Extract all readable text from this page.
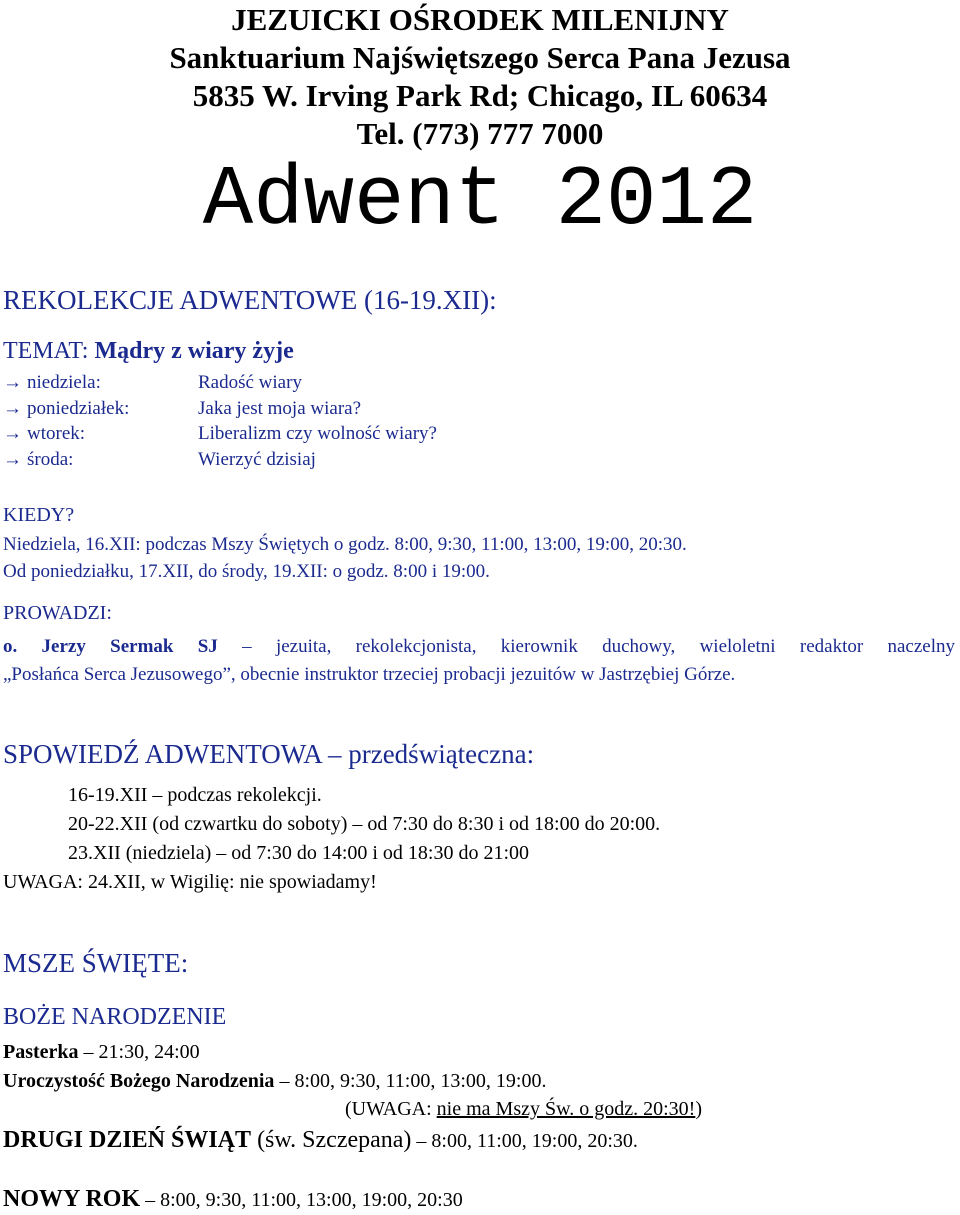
JEZUICKI OŚRODEK MILENIJNY
Sanktuarium Najświętszego Serca Pana Jezusa
5835 W. Irving Park Rd; Chicago, IL 60634
Tel. (773) 777 7000
Adwent 2012
REKOLEKCJE ADWENTOWE (16-19.XII):
TEMAT: Mądry z wiary żyje
→ niedziela:	Radość wiary
→ poniedziałek:	Jaka jest moja wiara?
→ wtorek:	Liberalizm czy wolność wiary?
→ środa:	Wierzyć dzisiaj
KIEDY?
Niedziela, 16.XII: podczas Mszy Świętych o godz. 8:00, 9:30, 11:00, 13:00, 19:00, 20:30.
Od poniedziałku, 17.XII, do środy, 19.XII: o godz. 8:00 i 19:00.
PROWADZI:
o. Jerzy Sermak SJ – jezuita, rekolekcjonista, kierownik duchowy, wieloletni redaktor naczelny
„Posłańca Serca Jezusowego”, obecnie instruktor trzeciej probacji jezuitów w Jastrzębiej Górze.
SPOWIEDŹ ADWENTOWA – przedświąteczna:
16-19.XII – podczas rekolekcji.
20-22.XII (od czwartku do soboty) – od 7:30 do 8:30 i od 18:00 do 20:00.
23.XII (niedziela) – od 7:30 do 14:00 i od 18:30 do 21:00
UWAGA: 24.XII, w Wigilię: nie spowiadamy!
MSZE ŚWIĘTE:
BOŻE NARODZENIE
Pasterka – 21:30, 24:00
Uroczystość Bożego Narodzenia – 8:00, 9:30, 11:00, 13:00, 19:00.
(UWAGA: nie ma Mszy Św. o godz. 20:30!)
DRUGI DZIEŃ ŚWIĄT (św. Szczepana) – 8:00, 11:00, 19:00, 20:30.
NOWY ROK – 8:00, 9:30, 11:00, 13:00, 19:00, 20:30
